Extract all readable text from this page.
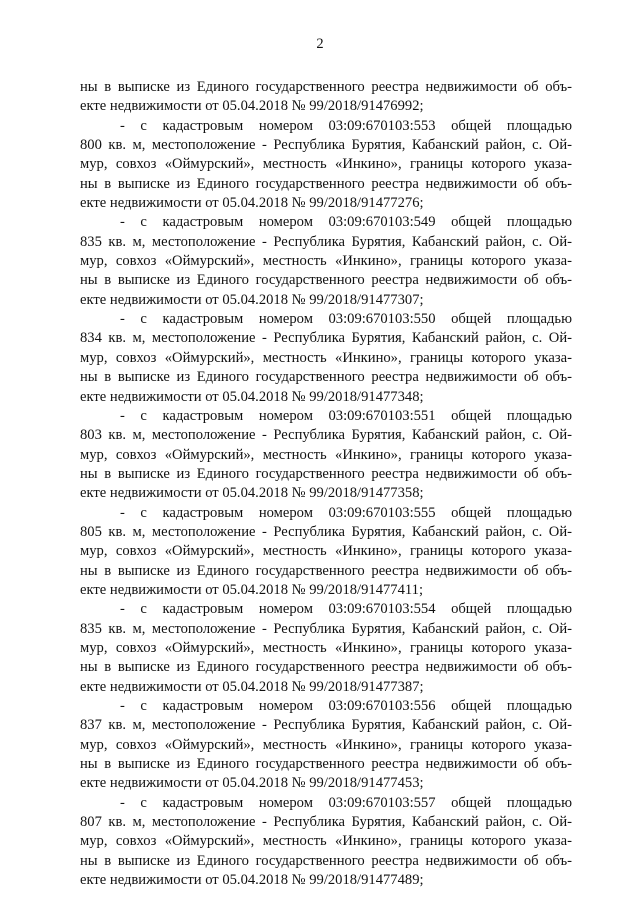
2
ны в выписке из Единого государственного реестра недвижимости об объ-
екте недвижимости от 05.04.2018 № 99/2018/91476992;
- с кадастровым номером 03:09:670103:553 общей площадью
800 кв. м, местоположение - Республика Бурятия, Кабанский район, с. Ой-
мур, совхоз «Оймурский», местность «Инкино», границы которого указа-
ны в выписке из Единого государственного реестра недвижимости об объ-
екте недвижимости от 05.04.2018 № 99/2018/91477276;
- с кадастровым номером 03:09:670103:549 общей площадью
835 кв. м, местоположение - Республика Бурятия, Кабанский район, с. Ой-
мур, совхоз «Оймурский», местность «Инкино», границы которого указа-
ны в выписке из Единого государственного реестра недвижимости об объ-
екте недвижимости от 05.04.2018 № 99/2018/91477307;
- с кадастровым номером 03:09:670103:550 общей площадью
834 кв. м, местоположение - Республика Бурятия, Кабанский район, с. Ой-
мур, совхоз «Оймурский», местность «Инкино», границы которого указа-
ны в выписке из Единого государственного реестра недвижимости об объ-
екте недвижимости от 05.04.2018 № 99/2018/91477348;
- с кадастровым номером 03:09:670103:551 общей площадью
803 кв. м, местоположение - Республика Бурятия, Кабанский район, с. Ой-
мур, совхоз «Оймурский», местность «Инкино», границы которого указа-
ны в выписке из Единого государственного реестра недвижимости об объ-
екте недвижимости от 05.04.2018 № 99/2018/91477358;
- с кадастровым номером 03:09:670103:555 общей площадью
805 кв. м, местоположение - Республика Бурятия, Кабанский район, с. Ой-
мур, совхоз «Оймурский», местность «Инкино», границы которого указа-
ны в выписке из Единого государственного реестра недвижимости об объ-
екте недвижимости от 05.04.2018 № 99/2018/91477411;
- с кадастровым номером 03:09:670103:554 общей площадью
835 кв. м, местоположение - Республика Бурятия, Кабанский район, с. Ой-
мур, совхоз «Оймурский», местность «Инкино», границы которого указа-
ны в выписке из Единого государственного реестра недвижимости об объ-
екте недвижимости от 05.04.2018 № 99/2018/91477387;
- с кадастровым номером 03:09:670103:556 общей площадью
837 кв. м, местоположение - Республика Бурятия, Кабанский район, с. Ой-
мур, совхоз «Оймурский», местность «Инкино», границы которого указа-
ны в выписке из Единого государственного реестра недвижимости об объ-
екте недвижимости от 05.04.2018 № 99/2018/91477453;
- с кадастровым номером 03:09:670103:557 общей площадью
807 кв. м, местоположение - Республика Бурятия, Кабанский район, с. Ой-
мур, совхоз «Оймурский», местность «Инкино», границы которого указа-
ны в выписке из Единого государственного реестра недвижимости об объ-
екте недвижимости от 05.04.2018 № 99/2018/91477489;
